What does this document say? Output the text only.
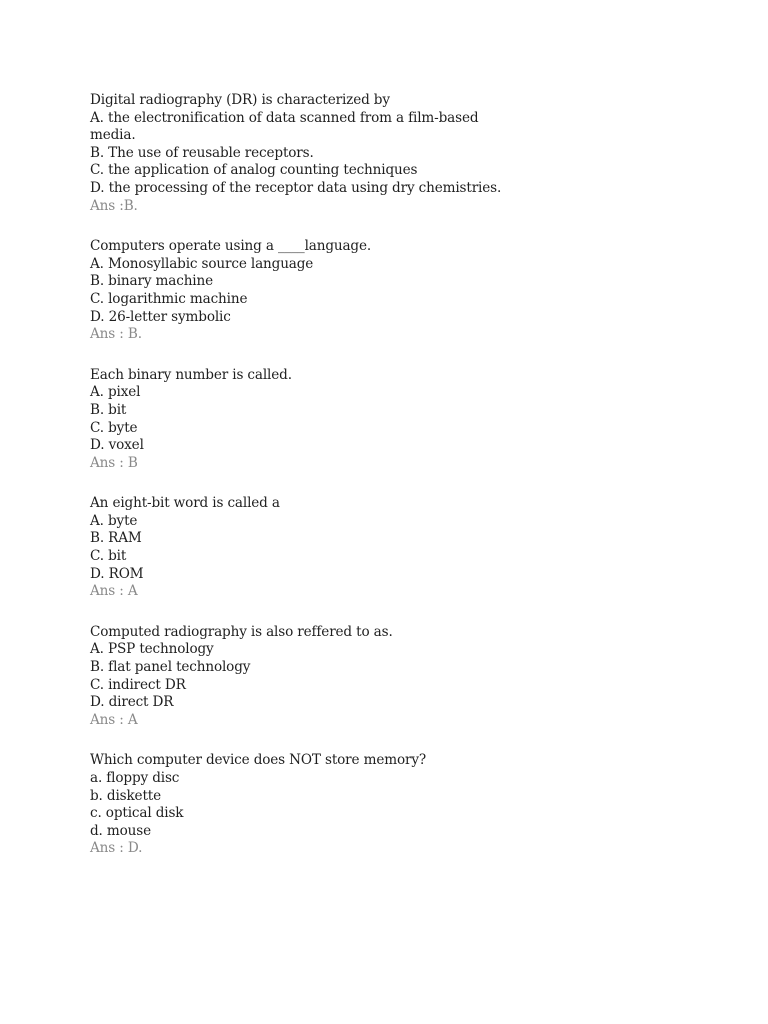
Digital radiography (DR) is characterized by
A. the electronification of data scanned from a film-based media.
B. The use of reusable receptors.
C. the application of analog counting techniques
D. the processing of the receptor data using dry chemistries.
Ans :B.
Computers operate using a ____language.
A. Monosyllabic source language
B. binary machine
C. logarithmic machine
D. 26-letter symbolic
Ans : B.
Each binary number is called.
A. pixel
B. bit
C. byte
D. voxel
Ans : B
An eight-bit word is called a
A. byte
B. RAM
C. bit
D. ROM
Ans : A
Computed radiography is also reffered to as.
A. PSP technology
B. flat panel technology
C. indirect DR
D. direct DR
Ans : A
Which computer device does NOT store memory?
a. floppy disc
b. diskette
c. optical disk
d. mouse
Ans : D.
